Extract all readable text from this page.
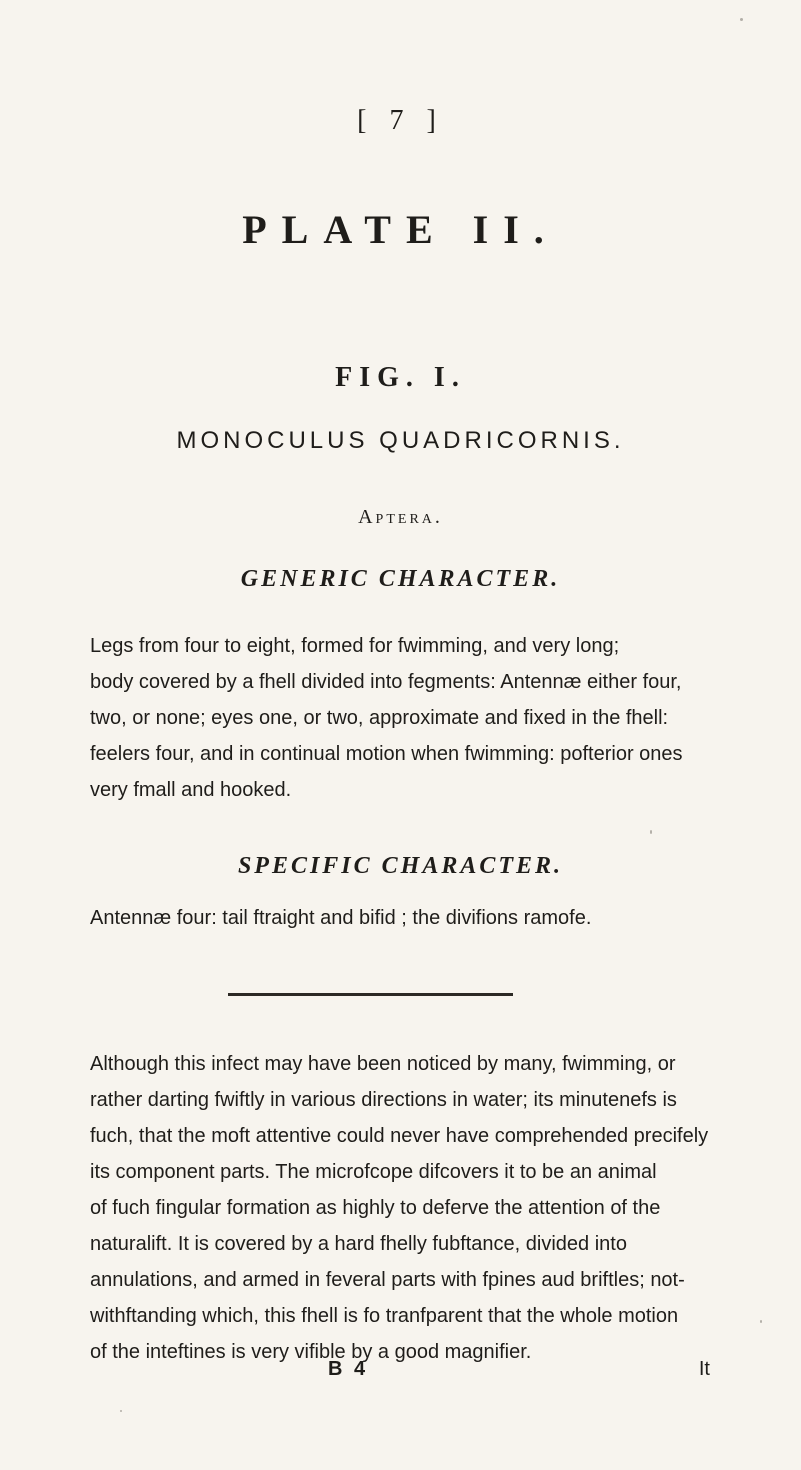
[ 7 ]
PLATE II.
FIG. I.
MONOCULUS QUADRICORNIS.
Aptera.
GENERIC CHARACTER.

Legs from four to eight, formed for fwimming, and very long;
body covered by a fhell divided into fegments: Antennæ either four,
two, or none; eyes one, or two, approximate and fixed in the fhell:
feelers four, and in continual motion when fwimming: pofterior ones
very fmall and hooked.

SPECIFIC CHARACTER.

Antennæ four: tail ftraight and bifid ; the divifions ramofe.

Although this infect may have been noticed by many, fwimming, or
rather darting fwiftly in various directions in water; its minutenefs is
fuch, that the moft attentive could never have comprehended precifely
its component parts. The microfcope difcovers it to be an animal
of fuch fingular formation as highly to deferve the attention of the
naturalift. It is covered by a hard fhelly fubftance, divided into
annulations, and armed in feveral parts with fpines aud briftles; not-
withftanding which, this fhell is fo tranfparent that the whole motion
of the inteftines is very vifible by a good magnifier.

B 4	It
